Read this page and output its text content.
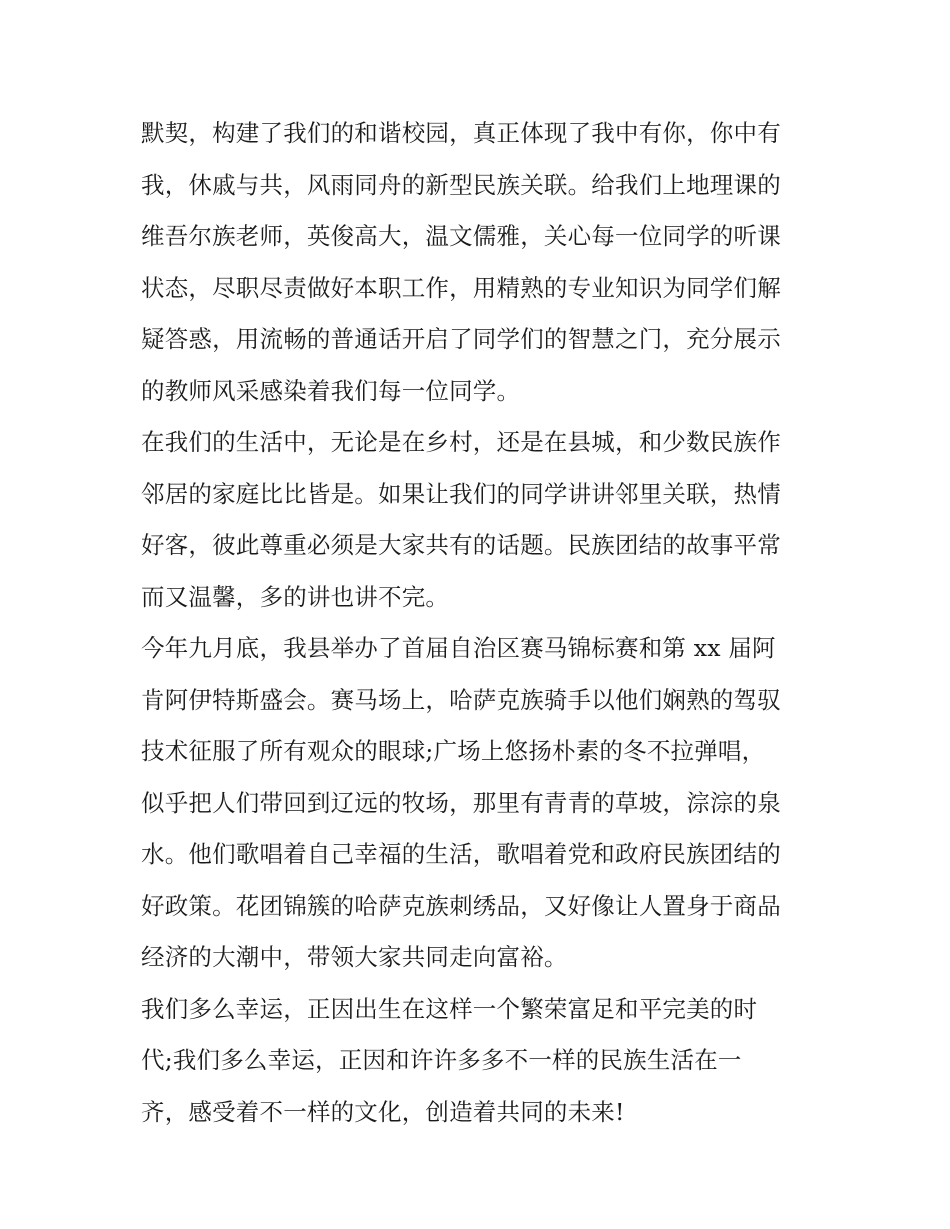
默契，构建了我们的和谐校园，真正体现了我中有你，你中有
我，休戚与共，风雨同舟的新型民族关联。给我们上地理课的
维吾尔族老师，英俊高大，温文儒雅，关心每一位同学的听课
状态，尽职尽责做好本职工作，用精熟的专业知识为同学们解
疑答惑，用流畅的普通话开启了同学们的智慧之门，充分展示
的教师风采感染着我们每一位同学。
在我们的生活中，无论是在乡村，还是在县城，和少数民族作
邻居的家庭比比皆是。如果让我们的同学讲讲邻里关联，热情
好客，彼此尊重必须是大家共有的话题。民族团结的故事平常
而又温馨，多的讲也讲不完。
今年九月底，我县举办了首届自治区赛马锦标赛和第 xx 届阿
肯阿伊特斯盛会。赛马场上，哈萨克族骑手以他们娴熟的驾驭
技术征服了所有观众的眼球;广场上悠扬朴素的冬不拉弹唱，
似乎把人们带回到辽远的牧场，那里有青青的草坡，淙淙的泉
水。他们歌唱着自己幸福的生活，歌唱着党和政府民族团结的
好政策。花团锦簇的哈萨克族刺绣品，又好像让人置身于商品
经济的大潮中，带领大家共同走向富裕。
我们多么幸运，正因出生在这样一个繁荣富足和平完美的时
代;我们多么幸运，正因和许许多多不一样的民族生活在一
齐，感受着不一样的文化，创造着共同的未来!
